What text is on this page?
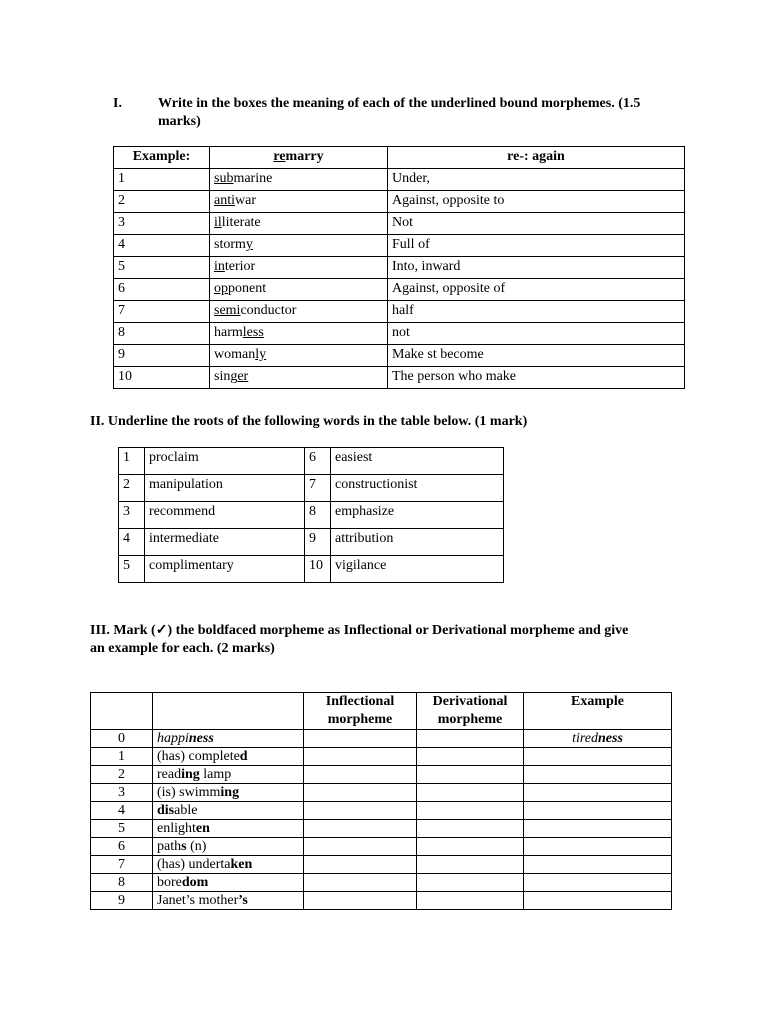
I.	Write in the boxes the meaning of each of the underlined bound morphemes. (1.5
marks)
Example:	remarry	re-: again
1	submarine	Under,
2	antiwar	Against, opposite to
3	illiterate	Not
4	stormy	Full of
5	interior	Into, inward
6	opponent	Against, opposite of
7	semiconductor	half
8	harmless	not
9	womanly	Make st become
10	singer	The person who make
II. Underline the roots of the following words in the table below. (1 mark)
1	proclaim	6	easiest
2	manipulation	7	constructionist
3	recommend	8	emphasize
4	intermediate	9	attribution
5	complimentary	10	vigilance
III. Mark (✓) the boldfaced morpheme as Inflectional or Derivational morpheme and give
an example for each. (2 marks)
		Inflectional morpheme	Derivational morpheme	Example
0	happiness			tiredness
1	(has) completed			
2	reading lamp			
3	(is) swimming			
4	disable			
5	enlighten			
6	paths (n)			
7	(has) undertaken			
8	boredom			
9	Janet’s mother’s			
